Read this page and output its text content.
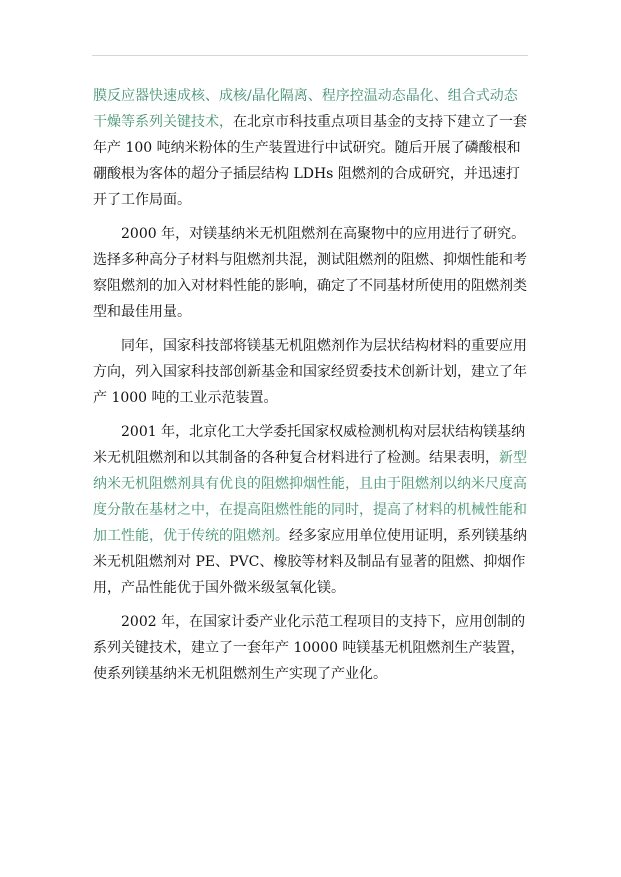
膜反应器快速成核、成核/晶化隔离、程序控温动态晶化、组合式动态干燥等系列关键技术，在北京市科技重点项目基金的支持下建立了一套年产 100 吨纳米粉体的生产装置进行中试研究。随后开展了磷酸根和硼酸根为客体的超分子插层结构 LDHs 阻燃剂的合成研究，并迅速打开了工作局面。

2000 年，对镁基纳米无机阻燃剂在高聚物中的应用进行了研究。选择多种高分子材料与阻燃剂共混，测试阻燃剂的阻燃、抑烟性能和考察阻燃剂的加入对材料性能的影响，确定了不同基材所使用的阻燃剂类型和最佳用量。

同年，国家科技部将镁基无机阻燃剂作为层状结构材料的重要应用方向，列入国家科技部创新基金和国家经贸委技术创新计划，建立了年产 1000 吨的工业示范装置。

2001 年，北京化工大学委托国家权威检测机构对层状结构镁基纳米无机阻燃剂和以其制备的各种复合材料进行了检测。结果表明，新型纳米无机阻燃剂具有优良的阻燃抑烟性能，且由于阻燃剂以纳米尺度高度分散在基材之中，在提高阻燃性能的同时，提高了材料的机械性能和加工性能，优于传统的阻燃剂。经多家应用单位使用证明，系列镁基纳米无机阻燃剂对 PE、PVC、橡胶等材料及制品有显著的阻燃、抑烟作用，产品性能优于国外微米级氢氧化镁。

2002 年，在国家计委产业化示范工程项目的支持下，应用创制的系列关键技术，建立了一套年产 10000 吨镁基无机阻燃剂生产装置，使系列镁基纳米无机阻燃剂生产实现了产业化。
